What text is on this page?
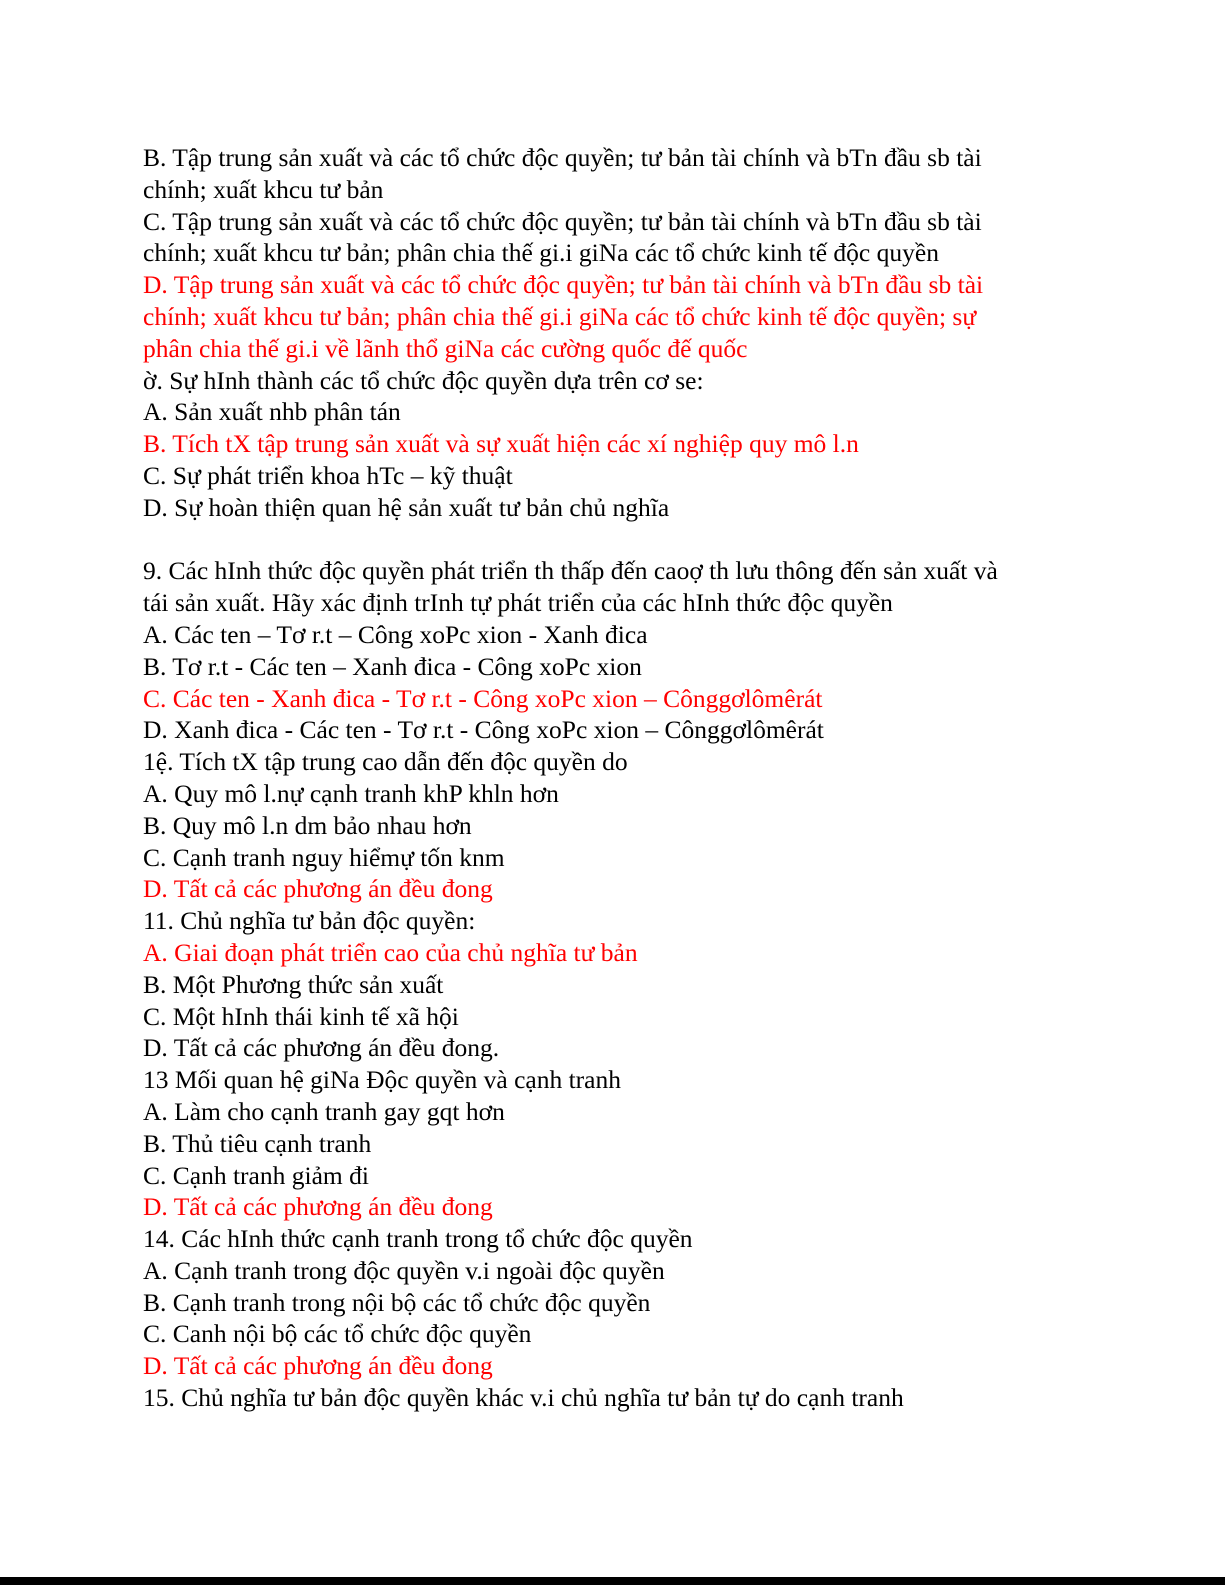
B. Tập trung sản xuất và các tổ chức độc quyền; tư bản tài chính và bTn đầu sb tài
chính; xuất khcu tư bản
C. Tập trung sản xuất và các tổ chức độc quyền; tư bản tài chính và bTn đầu sb tài
chính; xuất khcu tư bản; phân chia thế gi.i giNa các tổ chức kinh tế độc quyền
D. Tập trung sản xuất và các tổ chức độc quyền; tư bản tài chính và bTn đầu sb tài
chính; xuất khcu tư bản; phân chia thế gi.i giNa các tổ chức kinh tế độc quyền; sự
phân chia thế gi.i về lãnh thổ giNa các cường quốc đế quốc
ờ. Sự hInh thành các tổ chức độc quyền dựa trên cơ se:
A. Sản xuất nhb phân tán
B. Tích tX tập trung sản xuất và sự xuất hiện các xí nghiệp quy mô l.n
C. Sự phát triển khoa hTc – kỹ thuật
D. Sự hoàn thiện quan hệ sản xuất tư bản chủ nghĩa
9. Các hInh thức độc quyền phát triển th thấp đến caoợ th lưu thông đến sản xuất và
tái sản xuất. Hãy xác định trInh tự phát triển của các hInh thức độc quyền
A. Các ten – Tơ r.t – Công xoPc xion - Xanh đica
B. Tơ r.t - Các ten – Xanh đica - Công xoPc xion
C. Các ten - Xanh đica - Tơ r.t - Công xoPc xion – Cônggơlômêrát
D. Xanh đica - Các ten - Tơ r.t - Công xoPc xion – Cônggơlômêrát
1ệ. Tích tX tập trung cao dẫn đến độc quyền do
A. Quy mô l.nự cạnh tranh khP khln hơn
B. Quy mô l.n dm bảo nhau hơn
C. Cạnh tranh nguy hiểmự tốn knm
D. Tất cả các phương án đều đong
11. Chủ nghĩa tư bản độc quyền:
A. Giai đoạn phát triển cao của chủ nghĩa tư bản
B. Một Phương thức sản xuất
C. Một hInh thái kinh tế xã hội
D. Tất cả các phương án đều đong.
13 Mối quan hệ giNa Độc quyền và cạnh tranh
A. Làm cho cạnh tranh gay gqt hơn
B. Thủ tiêu cạnh tranh
C. Cạnh tranh giảm đi
D. Tất cả các phương án đều đong
14. Các hInh thức cạnh tranh trong tổ chức độc quyền
A. Cạnh tranh trong độc quyền v.i ngoài độc quyền
B. Cạnh tranh trong nội bộ các tổ chức độc quyền
C. Canh nội bộ các tổ chức độc quyền
D. Tất cả các phương án đều đong
15. Chủ nghĩa tư bản độc quyền khác v.i chủ nghĩa tư bản tự do cạnh tranh
